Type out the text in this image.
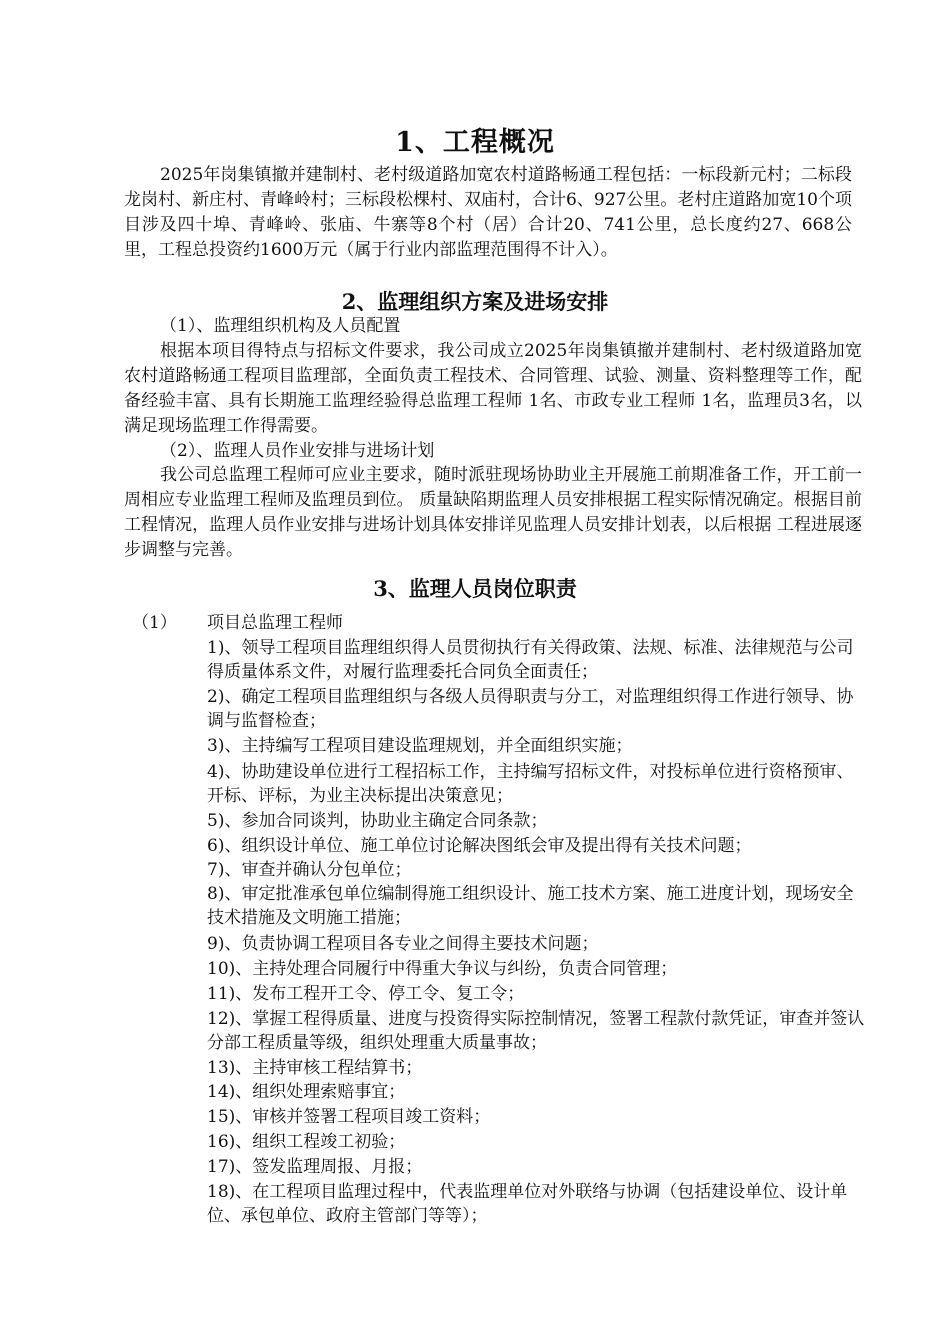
1、工程概况
2025年岗集镇撤并建制村、老村级道路加宽农村道路畅通工程包括：一标段新元村；二标段龙岗村、新庄村、青峰岭村；三标段松棵村、双庙村，合计6、927公里。老村庄道路加宽10个项目涉及四十埠、青峰岭、张庙、牛寨等8个村（居）合计20、741公里，总长度约27、668公里，工程总投资约1600万元（属于行业内部监理范围得不计入）。
2、监理组织方案及进场安排
（1）、监理组织机构及人员配置
根据本项目得特点与招标文件要求，我公司成立2025年岗集镇撤并建制村、老村级道路加宽农村道路畅通工程项目监理部，全面负责工程技术、合同管理、试验、测量、资料整理等工作，配备经验丰富、具有长期施工监理经验得总监理工程师 1名、市政专业工程师 1名，监理员3名，以满足现场监理工作得需要。
（2）、监理人员作业安排与进场计划
我公司总监理工程师可应业主要求，随时派驻现场协助业主开展施工前期准备工作，开工前一周相应专业监理工程师及监理员到位。 质量缺陷期监理人员安排根据工程实际情况确定。根据目前工程情况，监理人员作业安排与进场计划具体安排详见监理人员安排计划表，以后根据 工程进展逐步调整与完善。
3、监理人员岗位职责
（1） 项目总监理工程师
1)、领导工程项目监理组织得人员贯彻执行有关得政策、法规、标准、法律规范与公司得质量体系文件，对履行监理委托合同负全面责任；
2)、确定工程项目监理组织与各级人员得职责与分工，对监理组织得工作进行领导、协调与监督检查；
3)、主持编写工程项目建设监理规划，并全面组织实施；
4)、协助建设单位进行工程招标工作，主持编写招标文件，对投标单位进行资格预审、开标、评标，为业主决标提出决策意见；
5)、参加合同谈判，协助业主确定合同条款；
6)、组织设计单位、施工单位讨论解决图纸会审及提出得有关技术问题；
7)、审查并确认分包单位；
8)、审定批准承包单位编制得施工组织设计、施工技术方案、施工进度计划，现场安全技术措施及文明施工措施；
9)、负责协调工程项目各专业之间得主要技术问题；
10)、主持处理合同履行中得重大争议与纠纷，负责合同管理；
11)、发布工程开工令、停工令、复工令；
12)、掌握工程得质量、进度与投资得实际控制情况，签署工程款付款凭证，审查并签认分部工程质量等级，组织处理重大质量事故；
13)、主持审核工程结算书；
14)、组织处理索赔事宜；
15)、审核并签署工程项目竣工资料；
16)、组织工程竣工初验；
17)、签发监理周报、月报；
18)、在工程项目监理过程中，代表监理单位对外联络与协调（包括建设单位、设计单位、承包单位、政府主管部门等等）；
